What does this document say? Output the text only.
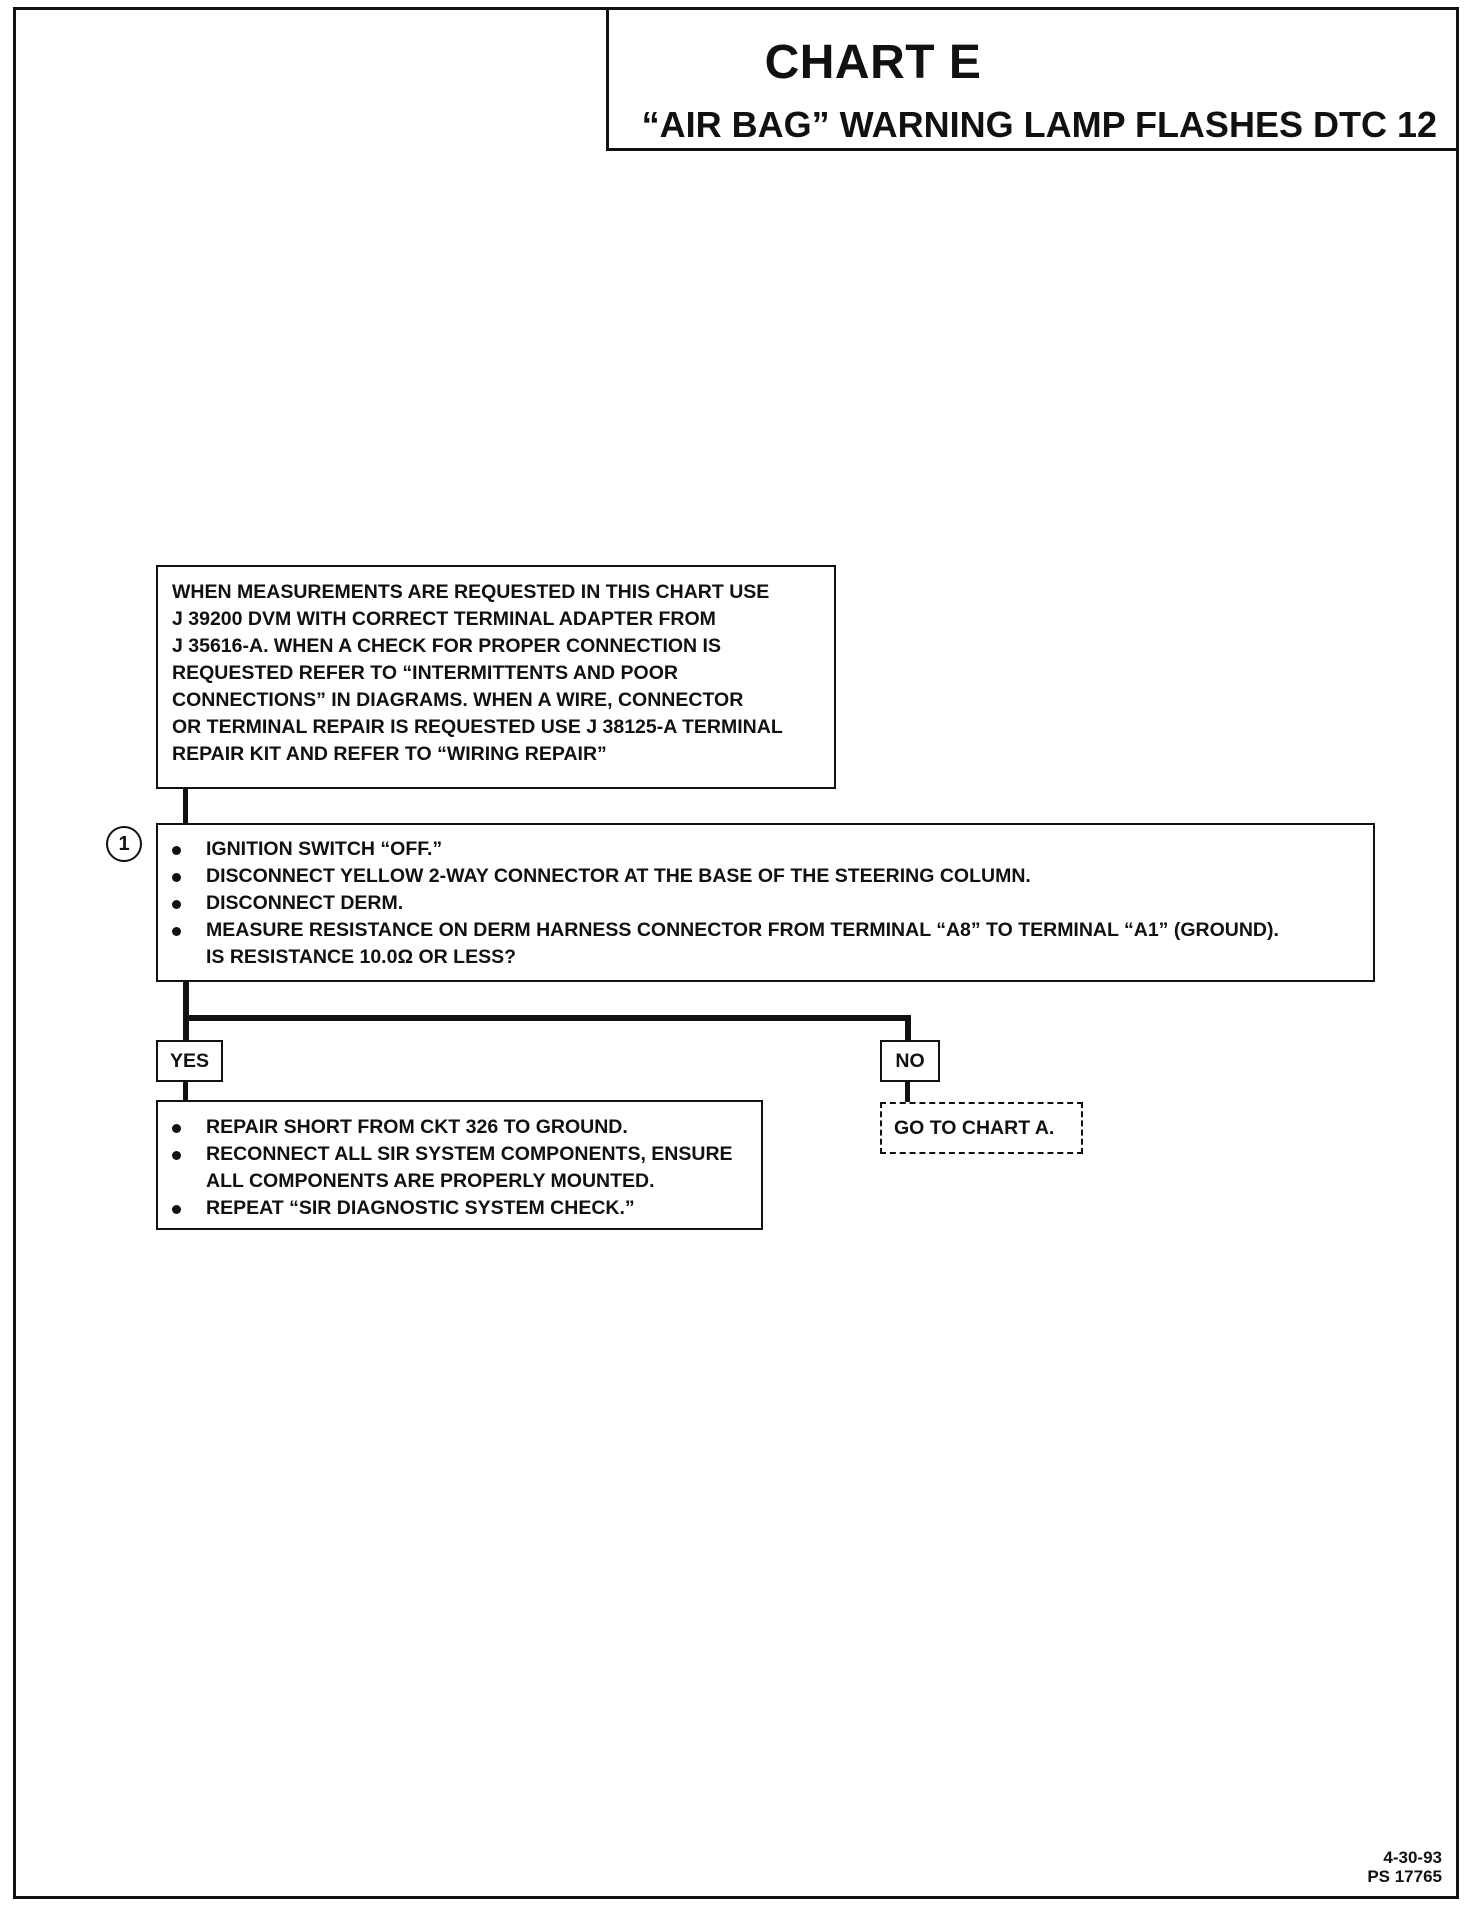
CHART E
“AIR BAG” WARNING LAMP FLASHES DTC 12
WHEN MEASUREMENTS ARE REQUESTED IN THIS CHART USE
J 39200 DVM WITH CORRECT TERMINAL ADAPTER FROM
J 35616-A. WHEN A CHECK FOR PROPER CONNECTION IS
REQUESTED REFER TO “INTERMITTENTS AND POOR
CONNECTIONS” IN DIAGRAMS. WHEN A WIRE, CONNECTOR
OR TERMINAL REPAIR IS REQUESTED USE J 38125-A TERMINAL
REPAIR KIT AND REFER TO “WIRING REPAIR”
1	IGNITION SWITCH “OFF.”
DISCONNECT YELLOW 2-WAY CONNECTOR AT THE BASE OF THE STEERING COLUMN.
DISCONNECT DERM.
MEASURE RESISTANCE ON DERM HARNESS CONNECTOR FROM TERMINAL “A8” TO TERMINAL “A1” (GROUND).
IS RESISTANCE 10.0Ω OR LESS?
YES	NO
REPAIR SHORT FROM CKT 326 TO GROUND.
RECONNECT ALL SIR SYSTEM COMPONENTS, ENSURE
ALL COMPONENTS ARE PROPERLY MOUNTED.
REPEAT “SIR DIAGNOSTIC SYSTEM CHECK.”
GO TO CHART A.
4-30-93
PS 17765
